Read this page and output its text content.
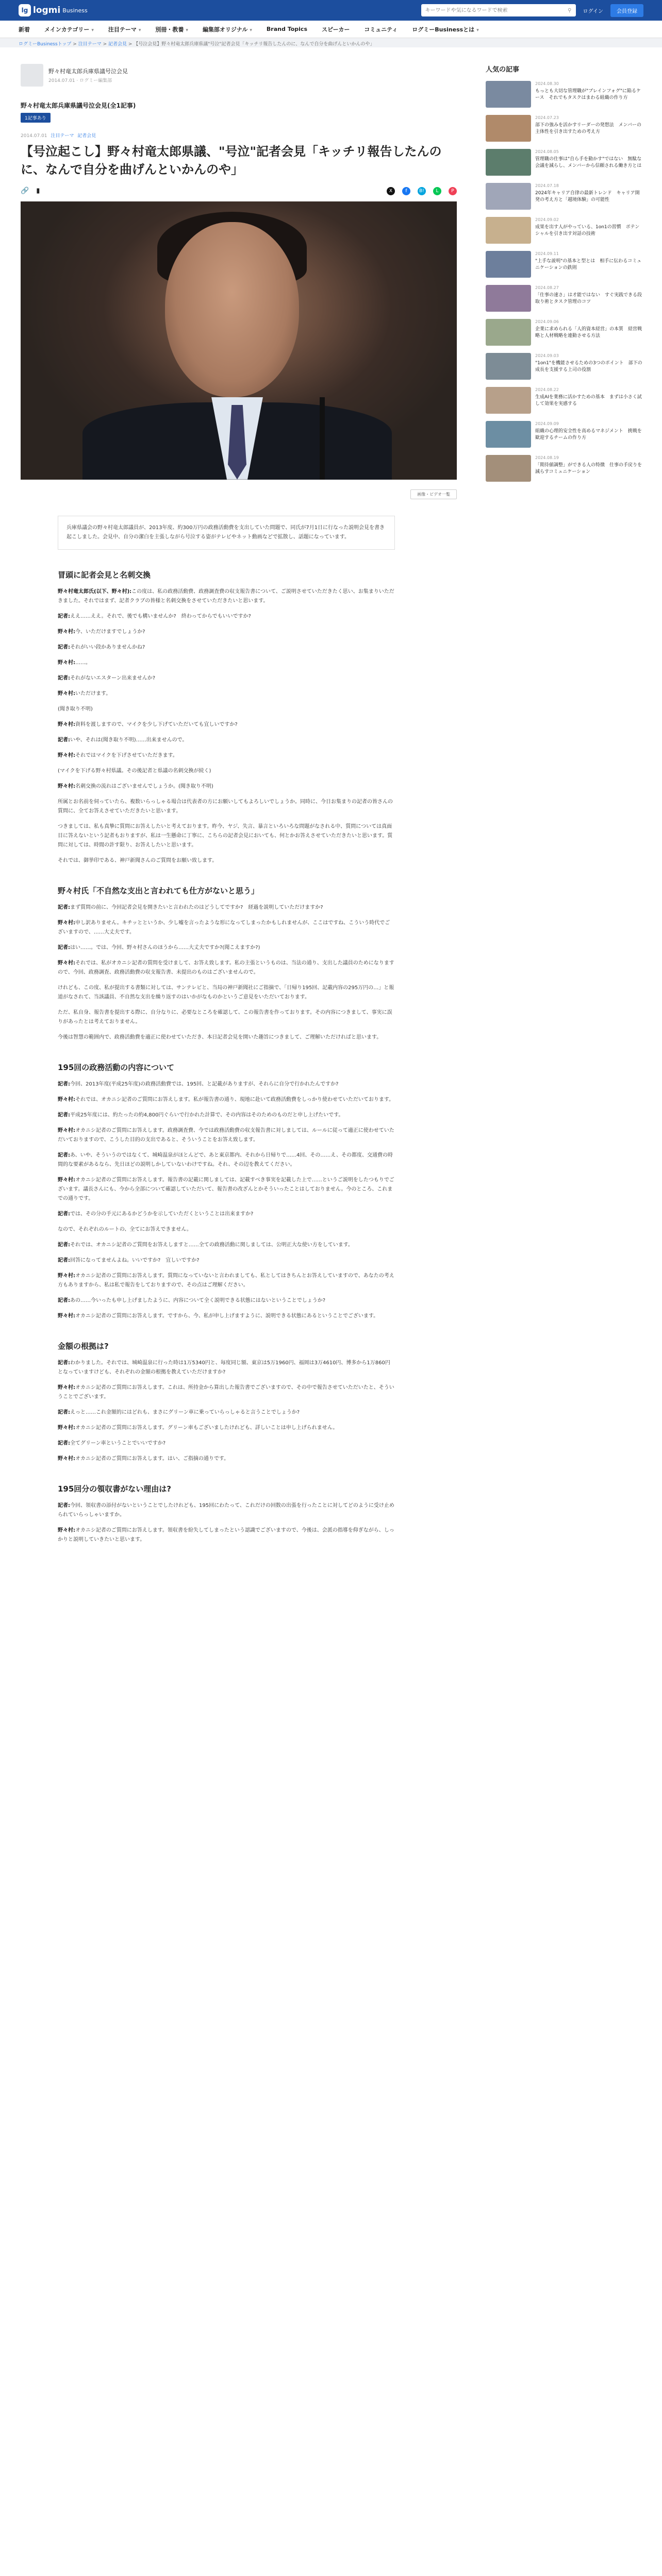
lg logmi Business
キーワードや気になるワードで検索	⚲ ログイン	会員登録
新着	メインカテゴリー ▾	注目テーマ ▾	別冊・教養 ▾	編集部オリジナル ▾	Brand Topics	スピーカー	コミュニティ	ログミーBusinessとは ▾
ログミーBusinessトップ > 注目テーマ > 記者会見 > 【号泣会見】野々村竜太郎兵庫県議"号泣"記者会見「キッチリ報告したんのに、なんで自分を曲げんといかんのや」
野々村竜太郎兵庫県議号泣会見
2014.07.01 · ログミー編集部
野々村竜太郎兵庫県議号泣会見(全1記事)
1記事あり
2014.07.01 注目テーマ 記者会見
【号泣起こし】野々村竜太郎県議、"号泣"記者会見「キッチリ報告したんのに、なんで自分を曲げんといかんのや」
🔗 ▮	X	f	B!	L	P
画像・ビデオ一覧
兵庫県議会の野々村竜太郎議員が、2013年度、約300万円の政務活動費を支出していた問題で、同氏が7月1日に行なった説明会見を書き起こしました。会見中、自分の潔白を主張しながら号泣する姿がテレビやネット動画などで拡散し、話題になっています。
冒頭に記者会見と名刺交換

野々村竜太郎氏(以下、野々村):この度は、私の政務活動費、政務調査費の収支報告書について、ご説明させていただきたく思い、お集まりいただきました。それではまず、記者クラブの皆様と名刺交換をさせていただきたいと思います。

記者:ええ……ええ。それで、後でも構いませんか?　終わってからでもいいですか?

野々村:今、いただけますでしょうか?

記者:それがいい段かありませんかね?

野々村:……。

記者:それがないエスターン出来ませんか?

野々村:いただけます。

(聞き取り不明)

野々村:資料を渡しますので、マイクを少し下げていただいても宜しいですか?

記者:いや、それは(聞き取り不明)……出来ませんので。

野々村:それではマイクを下げさせていただきます。

(マイクを下げる野々村県議。その後記者と県議の名刺交換が続く)

野々村:名刺交換の流れはございませんでしょうか。(聞き取り不明)

所属とお名前を伺っていたら、複数いらっしゃる場合は代表者の方にお願いしてもよろしいでしょうか。同時に、今日お集まりの記者の皆さんの質問に、全てお答えさせていただきたいと思います。

つきましては、私も真摯に質問にお答えしたいと考えております。昨今、ヤジ、失言、暴言といろいろな問題がなされる中、質問については真面目に答えないという記者もおりますが、私は一生懸命に丁寧に、こちらの記者会見においても、何とかお答えさせていただきたいと思います。質問に対しては、時間の許す限り、お答えしたいと思います。

それでは、御挙印である、神戸新聞さんのご質問をお願い致します。

野々村氏「不自然な支出と言われても仕方がないと思う」

記者:まず質問の前に、今回記者会見を開きたいと言われたのはどうしてですか?　経過を説明していただけますか?

野々村:申し訳ありません。キチッとというか、少し嘘を言ったような形になってしまったかもしれませんが、ここはですね、こういう時代でございますので、……大丈夫です。

記者:はい……。では、今回、野々村さんのほうから……大丈夫ですか?(聞こえますか?)

野々村:それでは、私がオカニシ記者の質問を受けまして、お答え致します。私の主張というものは、当法の通り、支出した議員のためになりますので、今回、政務調査、政務活動費の収支報告書、未提出のものはございませんので。

けれども、この度、私が提出する書類に対しては、サンテレビと、当局の神戸新聞社にご指摘で、「日帰り195回、記載内容の295万円の…」と報道がなされて、当該議員、不自然な支出を繰り返すのはいかがなものかというご意見をいただいております。

ただ、私自身、報告書を提出する際に、自分なりに、必要なところを確認して、この報告書を作っております。その内容につきまして、事実に誤りがあったとは考えておりません。

今後は智慧の範囲内で、政務活動費を適正に使わせていただき、本日記者会見を開いた趣旨につきまして、ご理解いただければと思います。

195回の政務活動の内容について

記者:今回、2013年度(平成25年度)の政務活動費では、195回、と記載がありますが、それらに自分で行かれたんですか?

野々村:それでは、オカニシ記者のご質問にお答えします。私が報告書の通り、現地に赴いて政務活動費をしっかり使わせていただいております。

記者:平成25年度には、約たったの約4,800円ぐらいで行かれた計算で、その内容はそのためのものだと申し上げたいです。

野々村:オカニシ記者のご質問にお答えします。政務調査費、今では政務活動費の収支報告書に対しましては、ルールに従って適正に使わせていただいておりますので、こうした目的の支出であると、そういうことをお答え致します。

記者:あ、いや、そういうのではなくて、城崎温泉がほとんどで、あと東京都内、それから日帰りで……4回、その……え、その都度、交通費の時間的な要素があるなら、先日ほどの説明しかしていないわけですね。それ、その辺を教えてください。

野々村:オカニシ記者のご質問にお答えします。報告書の記載に関しましては、記載すべき事実を記載した上で……というご説明をしたつもりでございます。議長さんにも、今から全部について確認していただいて、報告書の改ざんとかそういったことはしておりません。今のところ、これまでの通りです。

記者:では、その分の手元にあるかどうかを示していただくということは出来ますか?

なので、それぞれのルートの、全てにお答えできません。

記者:それでは、オカニシ記者のご質問をお答えしますと……全ての政務活動に関しましては、公明正大な使い方をしています。

記者:回答になってませんよね。いいですか?　宜しいですか?

野々村:オカニシ記者のご質問にお答えします。質問になっていないと言われましても、私としてはきちんとお答えしていますので、あなたの考え方もありますから、私は私で報告をしておりますので、その点はご理解ください。

記者:あの……今いったも申し上げましたように、内容について全く説明できる状態にはないということでしょうか?

野々村:オカニシ記者のご質問にお答えします。ですから、今、私が申し上げますように、説明できる状態にあるということでございます。

金額の根拠は?

記者:わかりました。それでは、城崎温泉に行った時は1万5340円と、毎度同じ額、東京は5万1960円、福岡は3万4610円、博多から1万860円となっていますけども、それぞれの金額の根拠を教えていただけますか?

野々村:オカニシ記者のご質問にお答えします。これは、所持金から算出した報告書でございますので、その中で報告させていただいたと、そういうことでございます。

記者:えっと……これ金額的にはどれも、まさにグリーン車に乗っていらっしゃると言うことでしょうか?

野々村:オカニシ記者のご質問にお答えします。グリーン車もございましたけれども、詳しいことは申し上げられません。

記者:全てグリーン車ということでいいですか?

野々村:オカニシ記者のご質問にお答えします。はい、ご指摘の通りです。

195回分の領収書がない理由は?

記者:今回、領収書の添付がないということでしたけれども、195回にわたって、これだけの回数の出張を行ったことに対してどのように受け止められていらっしゃいますか。

野々村:オカニシ記者のご質問にお答えします。領収書を紛失してしまったという認識でございますので、今後は、会派の指導を仰ぎながら、しっかりと説明していきたいと思います。

人気の記事
2024.08.30
もっとも大切な管理職が"ブレインフォグ"に陥るケース　それでもタスクはまわる組織の作り方
2024.07.23
部下の強みを活かすリーダーの発想法　メンバーの主体性を引き出すための考え方
2024.08.05
管理職の仕事は"自ら手を動かす"ではない　無駄な会議を減らし、メンバーから信頼される働き方とは
2024.07.18
2024年キャリア自律の最新トレンド　キャリア開発の考え方と「越境体験」の可能性
2024.09.02
成果を出す人がやっている、1on1の習慣　ポテンシャルを引き出す対話の技術
2024.09.11
"上手な説明"の基本と型とは　相手に伝わるコミュニケーションの鉄則
2024.08.27
「仕事の速さ」は才能ではない　すぐ実践できる段取り術とタスク管理のコツ
2024.09.06
企業に求められる「人的資本経営」の本質　経営戦略と人材戦略を連動させる方法
2024.09.03
"1on1"を機能させるための3つのポイント　部下の成長を支援する上司の役割
2024.08.22
生成AIを業務に活かすための基本　まずは小さく試して効果を実感する
2024.09.09
組織の心理的安全性を高めるマネジメント　挑戦を歓迎するチームの作り方
2024.08.19
「期待値調整」ができる人の特徴　仕事の手戻りを減らすコミュニケーション
